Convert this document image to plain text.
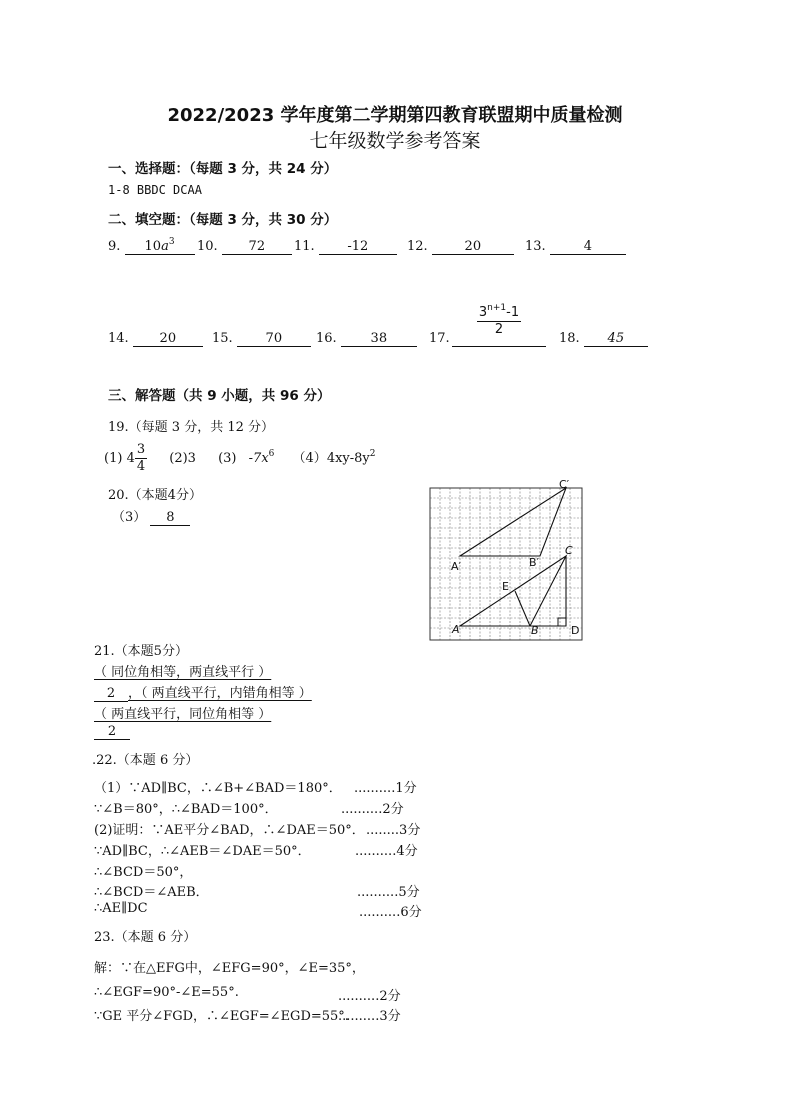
2022/2023 学年度第二学期第四教育联盟期中质量检测
七年级数学参考答案
一、选择题：（每题 3 分，共 24 分）
1-8 BBDC DCAA
二、填空题：（每题 3 分，共 30 分）
9. $10a^3$	10. 72	11.	-12	12.	20	13.	4
14. 20	15.	70	16.	38	17.
$\frac{3^{n+1}-1}{2}$
18. 45
三、解答题（共 9 小题，共 96 分）
19.（每题 3 分，共 12 分）
(1) $4 \frac{3}{4} (2)3$ (3) $-7x^6$ $(4)4xy-8y^2$
20.（本题4分）
（3） 8
C′
A′	B′
C
E
A	B	D
21.（本题5分）
（ 同位角相等，两直线平行 ）
2 ，（ 两直线平行，内错角相等 ）
（ 两直线平行，同位角相等 ）
2
.22.（本题 6 分）
（1）∵AD∥BC，∴∠B+∠BAD＝180°． ..........1分
∵∠B＝80°，∴∠BAD＝100°．	..........2分
(2)证明：∵AE平分∠BAD，∴∠DAE＝50°． ........3分
∵AD∥BC，∴∠AEB＝∠DAE＝50°．	..........4分
∴∠BCD＝50°，
∴∠BCD＝∠AEB．	..........5分
∴AE∥DC	..........6分
23.（本题 6 分）
解：∵在△EFG中，∠EFG=90°，∠E=35°，
∴∠EGF=90°-∠E=55°.	..........2分
∵GE 平分∠FGD，∴∠EGF=∠EGD=55°.
..........3分
